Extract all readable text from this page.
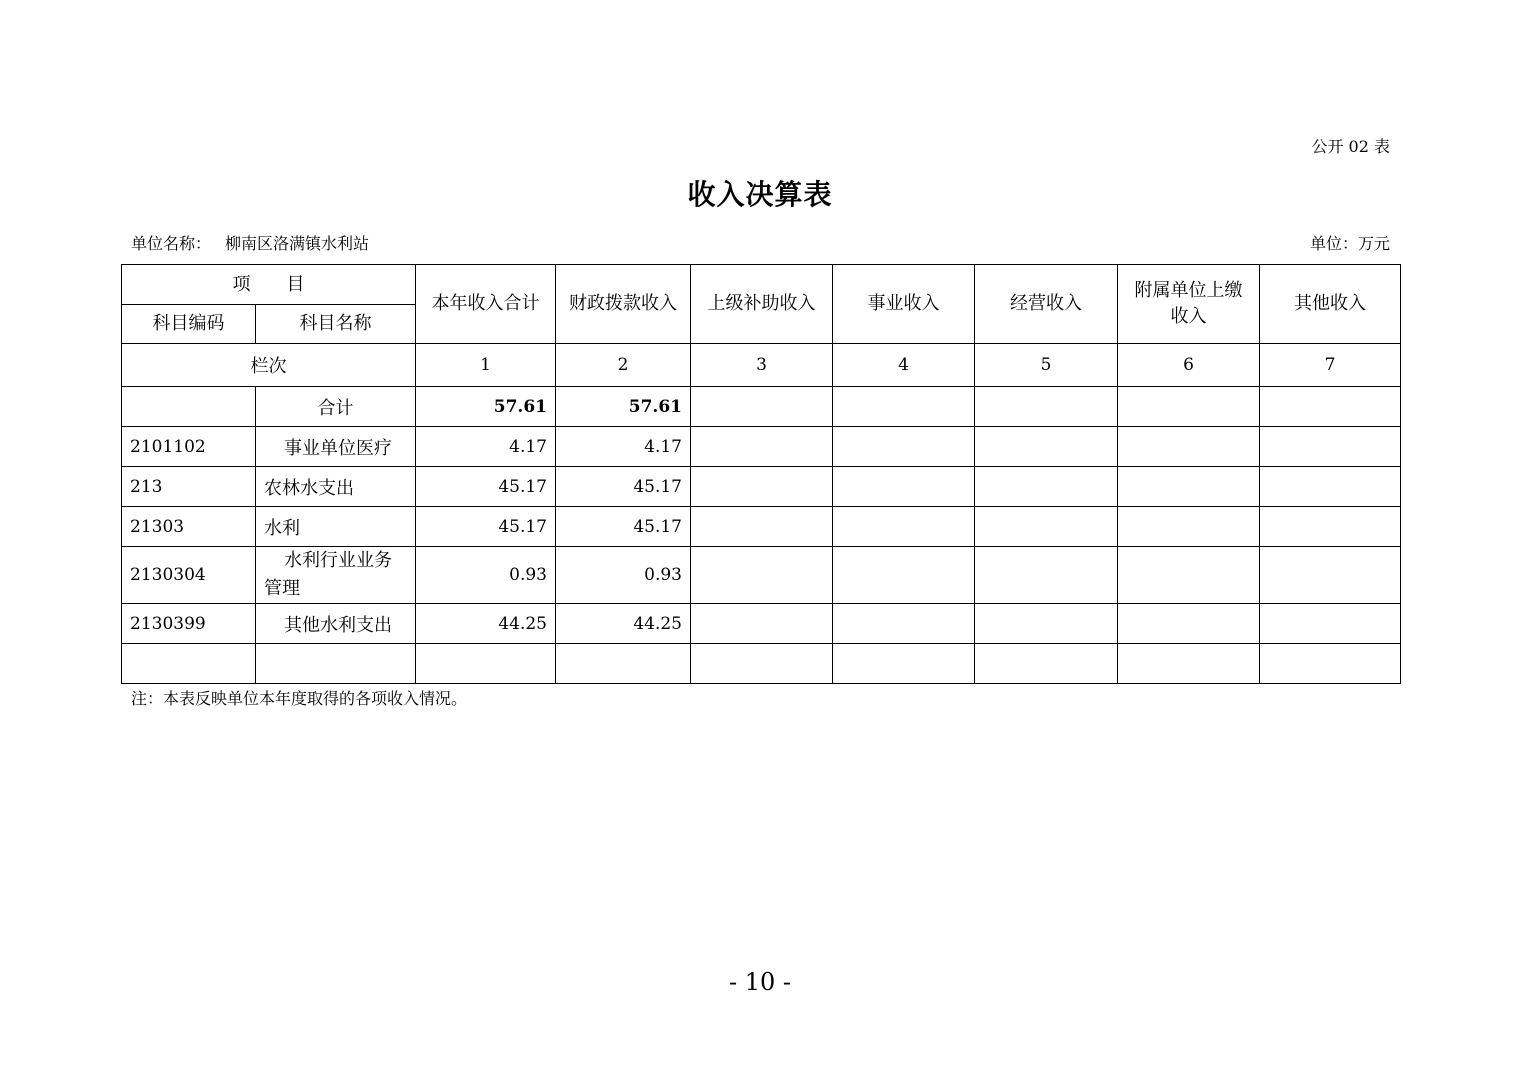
公开 02 表
收入决算表
单位名称： 柳南区洛满镇水利站	单位：万元
项　　目		本年收入合计	财政拨款收入	上级补助收入	事业收入	经营收入	附属单位上缴收入	其他收入
科目编码	科目名称							
栏次		1	2	3	4	5	6	7
	合计	57.61	57.61					
2101102	事业单位医疗	4.17	4.17					
213	农林水支出	45.17	45.17					
21303	水利	45.17	45.17					
2130304	水利行业业务管理	0.93	0.93					
2130399	其他水利支出	44.25	44.25					

注：本表反映单位本年度取得的各项收入情况。
- 10 -
